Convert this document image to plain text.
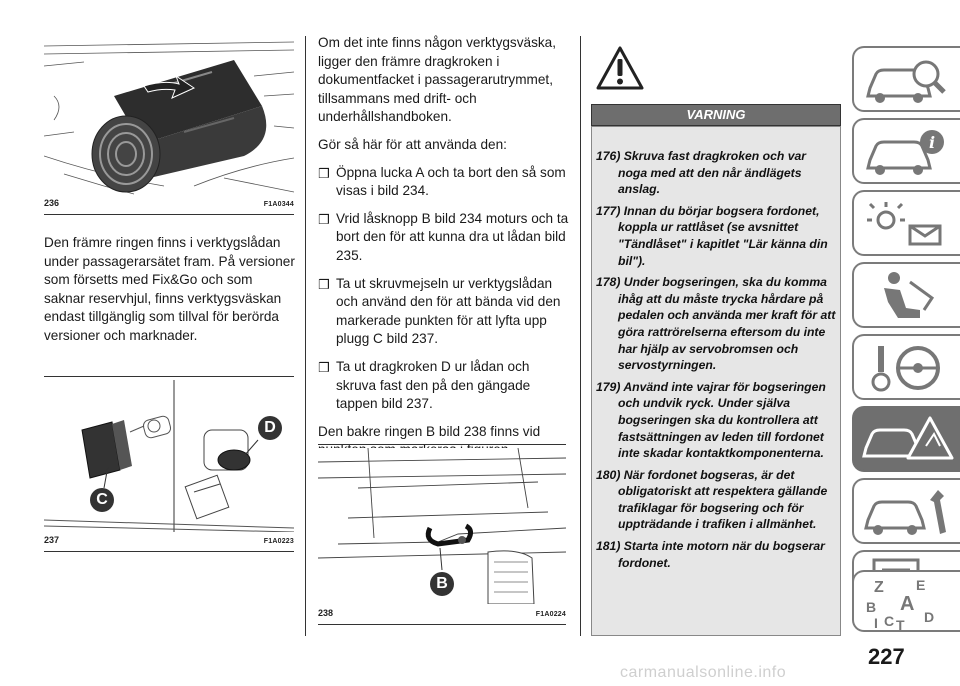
236	F1A0344
Den främre ringen finns i verktygslådan under passagerarsätet fram. På versioner som försetts med Fix&Go och som saknar reservhjul, finns verktygsväskan endast tillgänglig som tillval för berörda versioner och marknader.
C
D
237	F1A0223

Om det inte finns någon verktygsväska, ligger den främre dragkroken i dokumentfacket i passagerarutrymmet, tillsammans med drift- och underhållshandboken.

Gör så här för att använda den:

❒ Öppna lucka A och ta bort den så som visas i bild 234.
❒ Vrid låsknopp B bild 234 moturs och ta bort den för att kunna dra ut lådan bild 235.
❒ Ta ut skruvmejseln ur verktygslådan och använd den för att bända vid den markerade punkten för att lyfta upp plugg C bild 237.
❒ Ta ut dragkroken D ur lådan och skruva fast den på den gängade tappen bild 237.

Den bakre ringen B bild 238 finns vid

B
238	F1A0224
VARNING

176) Skruva fast dragkroken och var noga med att den når ändlägets anslag.

177) Innan du börjar bogsera fordonet, koppla ur rattlåset (se avsnittet "Tändlåset" i kapitlet "Lär känna din bil").

178) Under bogseringen, ska du komma ihåg att du måste trycka hårdare på pedalen och använda mer kraft för att göra rattrörelserna eftersom du inte har hjälp av servobromsen och servostyrningen.

179) Använd inte vajrar för bogseringen och undvik ryck. Under själva bogseringen ska du kontrollera att fastsättningen av leden till fordonet inte skadar kontaktkomponenterna.

180) När fordonet bogseras, är det obligatoriskt att respektera gällande trafiklagar för bogsering och för uppträdande i trafiken i allmänhet.

181) Starta inte motorn när du bogserar fordonet.

i
Z E
B A
I C T D
227
carmanualsonline.info
